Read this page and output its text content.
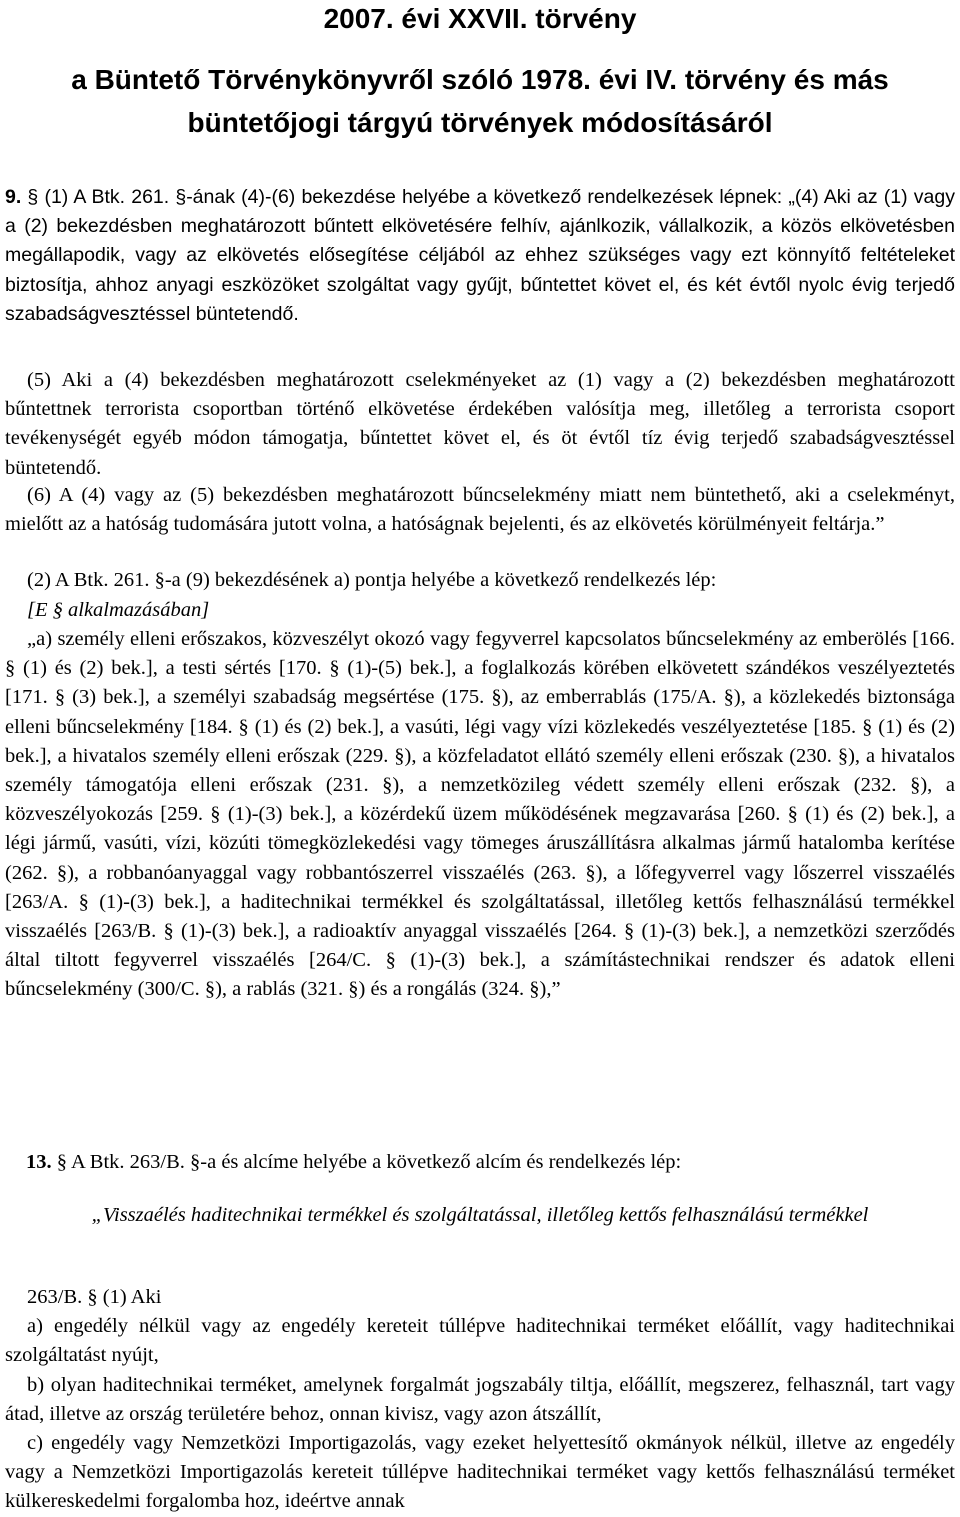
2007. évi XXVII. törvény
a Büntető Törvénykönyvről szóló 1978. évi IV. törvény és más büntetőjogi tárgyú törvények módosításáról
9. § (1) A Btk. 261. §-ának (4)-(6) bekezdése helyébe a következő rendelkezések lépnek: „(4) Aki az (1) vagy a (2) bekezdésben meghatározott bűntett elkövetésére felhív, ajánlkozik, vállalkozik, a közös elkövetésben megállapodik, vagy az elkövetés elősegítése céljából az ehhez szükséges vagy ezt könnyítő feltételeket biztosítja, ahhoz anyagi eszközöket szolgáltat vagy gyűjt, bűntettet követ el, és két évtől nyolc évig terjedő szabadságvesztéssel büntetendő.
(5) Aki a (4) bekezdésben meghatározott cselekményeket az (1) vagy a (2) bekezdésben meghatározott bűntettnek terrorista csoportban történő elkövetése érdekében valósítja meg, illetőleg a terrorista csoport tevékenységét egyéb módon támogatja, bűntettet követ el, és öt évtől tíz évig terjedő szabadságvesztéssel büntetendő.
(6) A (4) vagy az (5) bekezdésben meghatározott bűncselekmény miatt nem büntethető, aki a cselekményt, mielőtt az a hatóság tudomására jutott volna, a hatóságnak bejelenti, és az elkövetés körülményeit feltárja.”
(2) A Btk. 261. §-a (9) bekezdésének a) pontja helyébe a következő rendelkezés lép:
[E § alkalmazásában]
„a) személy elleni erőszakos, közveszélyt okozó vagy fegyverrel kapcsolatos bűncselekmény az emberölés [166. § (1) és (2) bek.], a testi sértés [170. § (1)-(5) bek.], a foglalkozás körében elkövetett szándékos veszélyeztetés [171. § (3) bek.], a személyi szabadság megsértése (175. §), az emberrablás (175/A. §), a közlekedés biztonsága elleni bűncselekmény [184. § (1) és (2) bek.], a vasúti, légi vagy vízi közlekedés veszélyeztetése [185. § (1) és (2) bek.], a hivatalos személy elleni erőszak (229. §), a közfeladatot ellátó személy elleni erőszak (230. §), a hivatalos személy támogatója elleni erőszak (231. §), a nemzetközileg védett személy elleni erőszak (232. §), a közveszélyokozás [259. § (1)-(3) bek.], a közérdekű üzem működésének megzavarása [260. § (1) és (2) bek.], a légi jármű, vasúti, vízi, közúti tömegközlekedési vagy tömeges áruszállításra alkalmas jármű hatalomba kerítése (262. §), a robbanóanyaggal vagy robbantószerrel visszaélés (263. §), a lőfegyverrel vagy lőszerrel visszaélés [263/A. § (1)-(3) bek.], a haditechnikai termékkel és szolgáltatással, illetőleg kettős felhasználású termékkel visszaélés [263/B. § (1)-(3) bek.], a radioaktív anyaggal visszaélés [264. § (1)-(3) bek.], a nemzetközi szerződés által tiltott fegyverrel visszaélés [264/C. § (1)-(3) bek.], a számítástechnikai rendszer és adatok elleni bűncselekmény (300/C. §), a rablás (321. §) és a rongálás (324. §),”
13. § A Btk. 263/B. §-a és alcíme helyébe a következő alcím és rendelkezés lép:
„Visszaélés haditechnikai termékkel és szolgáltatással, illetőleg kettős felhasználású termékkel
263/B. § (1) Aki
a) engedély nélkül vagy az engedély kereteit túllépve haditechnikai terméket előállít, vagy haditechnikai szolgáltatást nyújt,
b) olyan haditechnikai terméket, amelynek forgalmát jogszabály tiltja, előállít, megszerez, felhasznál, tart vagy átad, illetve az ország területére behoz, onnan kivisz, vagy azon átszállít,
c) engedély vagy Nemzetközi Importigazolás, vagy ezeket helyettesítő okmányok nélkül, illetve az engedély vagy a Nemzetközi Importigazolás kereteit túllépve haditechnikai terméket vagy kettős felhasználású terméket külkereskedelmi forgalomba hoz, ideértve annak
